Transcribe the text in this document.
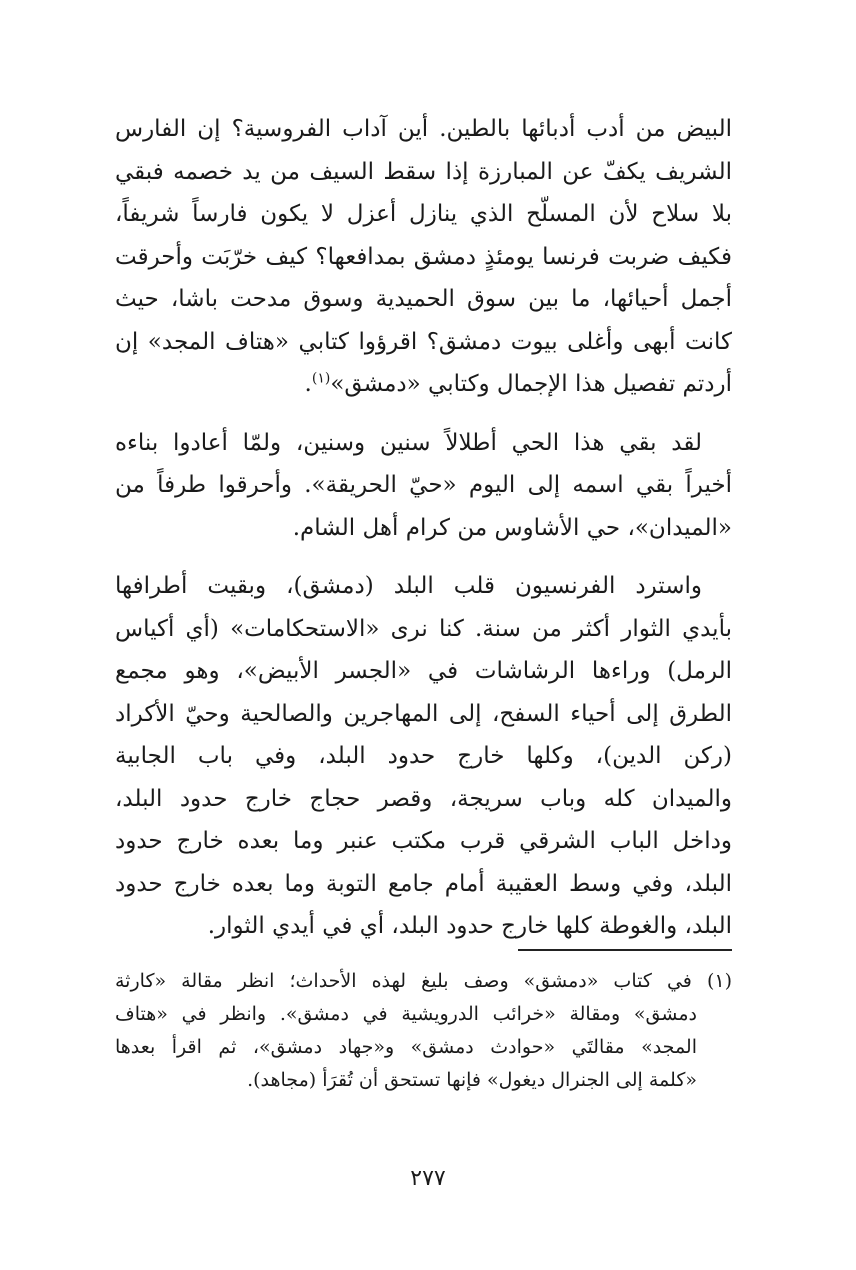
البيض من أدب أدبائها بالطين. أين آداب الفروسية؟ إن الفارس
الشريف يكفّ عن المبارزة إذا سقط السيف من يد خصمه فبقي
بلا سلاح لأن المسلّح الذي ينازل أعزل لا يكون فارساً شريفاً،
فكيف ضربت فرنسا يومئذٍ دمشق بمدافعها؟ كيف خرّبَت وأحرقت
أجمل أحيائها، ما بين سوق الحميدية وسوق مدحت باشا، حيث
كانت أبهى وأغلى بيوت دمشق؟ اقرؤوا كتابي «هتاف المجد» إن
أردتم تفصيل هذا الإجمال وكتابي «دمشق»$^{(١)}$.

لقد بقي هذا الحي أطلالاً سنين وسنين، ولمّا أعادوا بناءه
أخيراً بقي اسمه إلى اليوم «حيّ الحريقة». وأحرقوا طرفاً من
«الميدان»، حي الأشاوس من كرام أهل الشام.

واسترد الفرنسيون قلب البلد (دمشق)، وبقيت أطرافها
بأيدي الثوار أكثر من سنة. كنا نرى «الاستحكامات» (أي أكياس
الرمل) وراءها الرشاشات في «الجسر الأبيض»، وهو مجمع
الطرق إلى أحياء السفح، إلى المهاجرين والصالحية وحيّ الأكراد
(ركن الدين)، وكلها خارج حدود البلد، وفي باب الجابية
والميدان كله وباب سريجة، وقصر حجاج خارج حدود البلد،
وداخل الباب الشرقي قرب مكتب عنبر وما بعده خارج حدود
البلد، وفي وسط العقيبة أمام جامع التوبة وما بعده خارج حدود
البلد، والغوطة كلها خارج حدود البلد، أي في أيدي الثوار.

(١) في كتاب «دمشق» وصف بليغ لهذه الأحداث؛ انظر مقالة «كارثة
دمشق» ومقالة «خرائب الدرويشية في دمشق». وانظر في «هتاف
المجد» مقالتَي «حوادث دمشق» و«جهاد دمشق»، ثم اقرأ بعدها
«كلمة إلى الجنرال ديغول» فإنها تستحق أن تُقرَأ (مجاهد).
٢٧٧
